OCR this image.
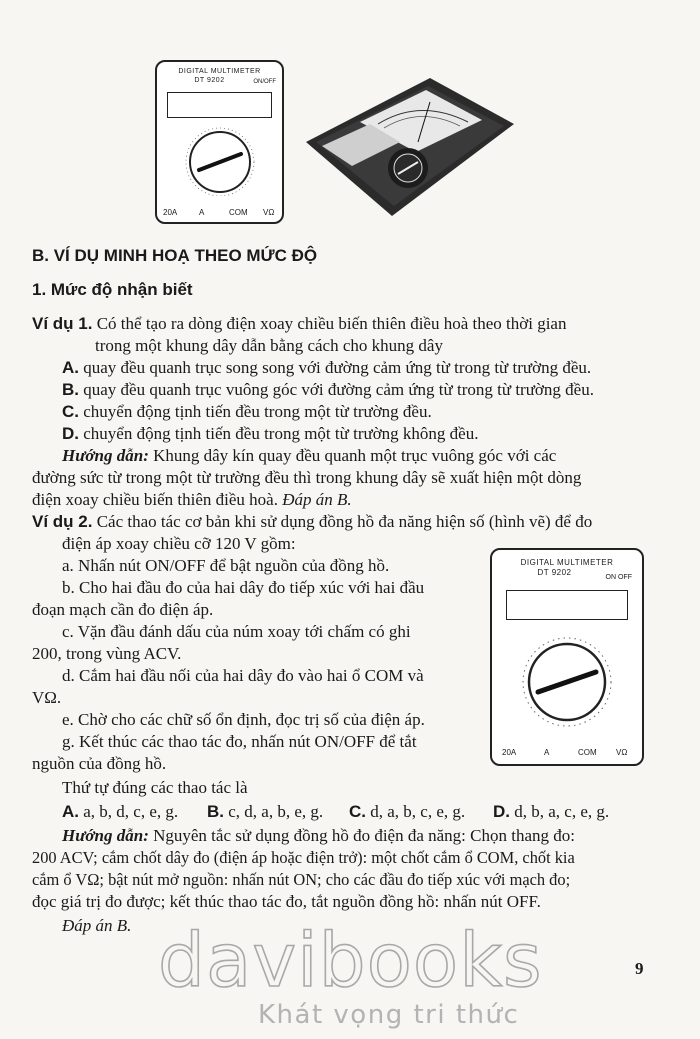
DIGITAL MULTIMETER
DT 9202	ON/OFF
20A	A	COM VΩ
B. VÍ DỤ MINH HOẠ THEO MỨC ĐỘ
1. Mức độ nhận biết
Ví dụ 1. Có thể tạo ra dòng điện xoay chiều biến thiên điều hoà theo thời gian
trong một khung dây dẫn bằng cách cho khung dây
A. quay đều quanh trục song song với đường cảm ứng từ trong từ trường đều.
B. quay đều quanh trục vuông góc với đường cảm ứng từ trong từ trường đều.
C. chuyển động tịnh tiến đều trong một từ trường đều.
D. chuyển động tịnh tiến đều trong một từ trường không đều.
Hướng dẫn: Khung dây kín quay đều quanh một trục vuông góc với các
đường sức từ trong một từ trường đều thì trong khung dây sẽ xuất hiện một dòng
điện xoay chiều biến thiên điều hoà. Đáp án B.
Ví dụ 2. Các thao tác cơ bản khi sử dụng đồng hồ đa năng hiện số (hình vẽ) để đo
điện áp xoay chiều cỡ 120 V gồm:
a. Nhấn nút ON/OFF để bật nguồn của đồng hồ.
b. Cho hai đầu đo của hai dây đo tiếp xúc với hai đầu
đoạn mạch cần đo điện áp.
c. Vặn đầu đánh dấu của núm xoay tới chấm có ghi
200, trong vùng ACV.
d. Cắm hai đầu nối của hai dây đo vào hai ổ COM và
VΩ.
e. Chờ cho các chữ số ổn định, đọc trị số của điện áp.
g. Kết thúc các thao tác đo, nhấn nút ON/OFF để tắt
nguồn của đồng hồ.
Thứ tự đúng các thao tác là
A. a, b, d, c, e, g. B. c, d, a, b, e, g. C. d, a, b, c, e, g. D. d, b, a, c, e, g.
Hướng dẫn: Nguyên tắc sử dụng đồng hồ đo điện đa năng: Chọn thang đo:
200 ACV; cắm chốt dây đo (điện áp hoặc điện trở): một chốt cắm ổ COM, chốt kia
cắm ổ VΩ; bật nút mở nguồn: nhấn nút ON; cho các đầu đo tiếp xúc với mạch đo;
đọc giá trị đo được; kết thúc thao tác đo, tắt nguồn đồng hồ: nhấn nút OFF.
Đáp án B.
DIGITAL MULTIMETER
DT 9202
ON OFF
20A	A	COM VΩ
davibooks
Khát vọng tri thức
9
